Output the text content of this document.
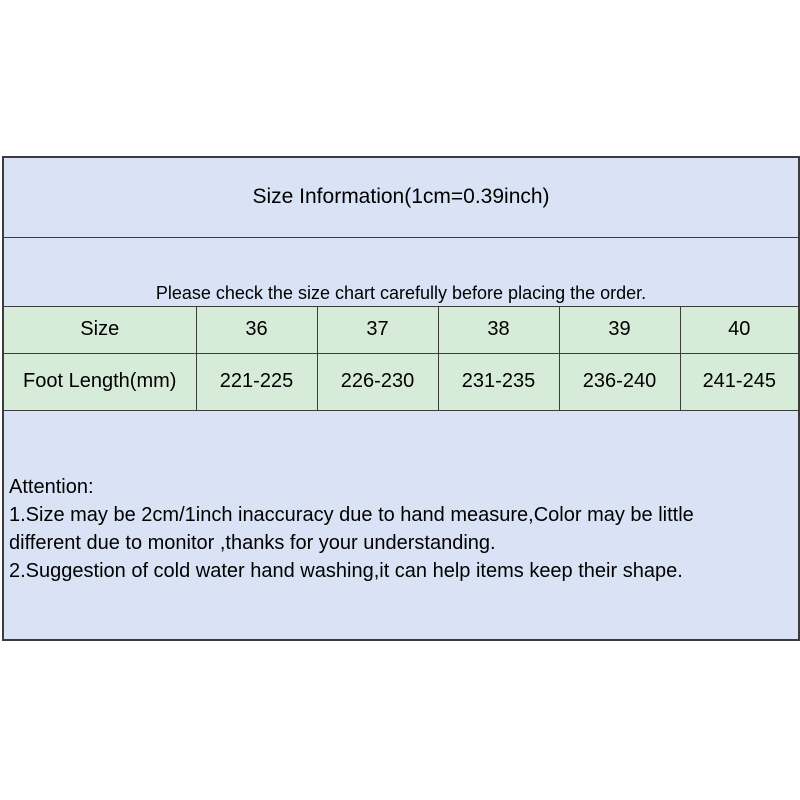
Size Information(1cm=0.39inch)					
Please check the size chart carefully before placing the order.					
Size	36	37	38	39	40
Foot Length(mm)	221-225	226-230	231-235	236-240	241-245

Attention:
1.Size may be 2cm/1inch inaccuracy due to hand measure,Color may be little
different due to monitor ,thanks for your understanding.
2.Suggestion of cold water hand washing,it can help items keep their shape.					
